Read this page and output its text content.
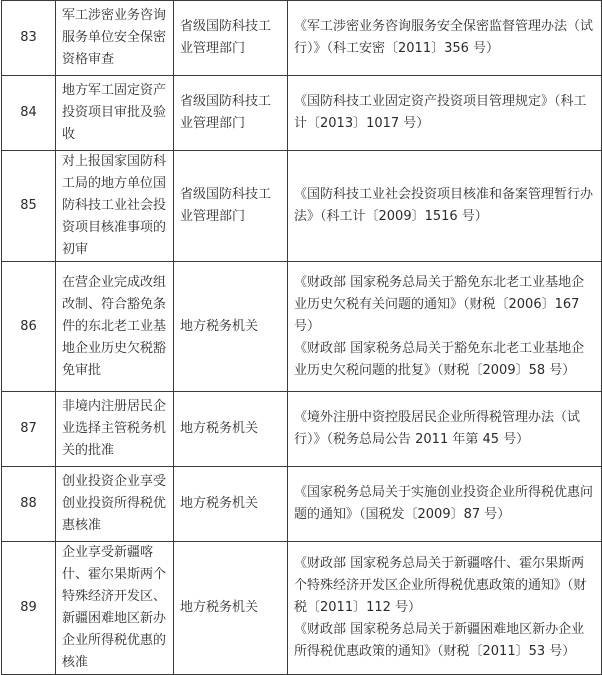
83	军工涉密业务咨询服务单位安全保密资格审查	省级国防科技工业管理部门	《军工涉密业务咨询服务安全保密监督管理办法（试行）》（科工安密〔2011〕356 号）

84	地方军工固定资产投资项目审批及验收	省级国防科技工业管理部门	《国防科技工业固定资产投资项目管理规定》（科工计〔2013〕1017 号）

85	对上报国家国防科工局的地方单位国防科技工业社会投资项目核准事项的初审	省级国防科技工业管理部门	《国防科技工业社会投资项目核准和备案管理暂行办法》（科工计〔2009〕1516 号）

86	在营企业完成改组改制、符合豁免条件的东北老工业基地企业历史欠税豁免审批	地方税务机关	《财政部 国家税务总局关于豁免东北老工业基地企业历史欠税有关问题的通知》（财税〔2006〕167 号）
《财政部 国家税务总局关于豁免东北老工业基地企业历史欠税问题的批复》（财税〔2009〕58 号）

87	非境内注册居民企业选择主管税务机关的批准	地方税务机关	《境外注册中资控股居民企业所得税管理办法（试行）》（税务总局公告 2011 年第 45 号）

88	创业投资企业享受创业投资所得税优惠核准	地方税务机关	《国家税务总局关于实施创业投资企业所得税优惠问题的通知》（国税发〔2009〕87 号）

89	企业享受新疆喀什、霍尔果斯两个特殊经济开发区、新疆困难地区新办企业所得税优惠的核准	地方税务机关	《财政部 国家税务总局关于新疆喀什、霍尔果斯两个特殊经济开发区企业所得税优惠政策的通知》（财税〔2011〕112 号）
《财政部 国家税务总局关于新疆困难地区新办企业所得税优惠政策的通知》（财税〔2011〕53 号）
